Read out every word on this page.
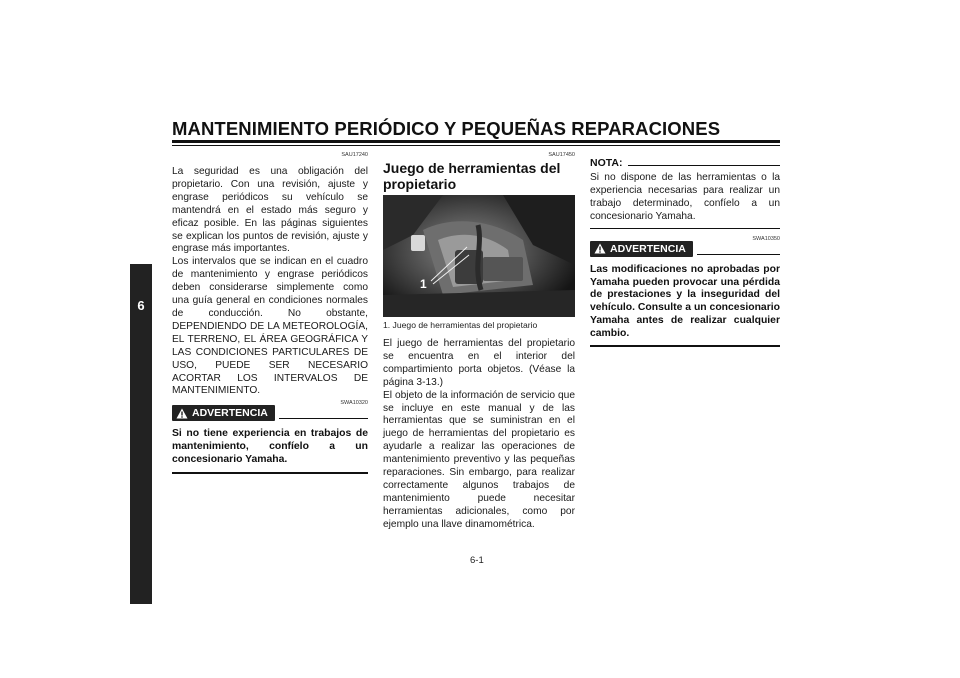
MANTENIMIENTO PERIÓDICO Y PEQUEÑAS REPARACIONES
6
SAU17240

La seguridad es una obligación del propietario. Con una revisión, ajuste y engrase periódicos su vehículo se mantendrá en el estado más seguro y eficaz posible. En las páginas siguientes se explican los puntos de revisión, ajuste y engrase más importantes.

Los intervalos que se indican en el cuadro de mantenimiento y engrase periódicos deben considerarse simplemente como una guía general en condiciones normales de conducción. No obstante, DEPENDIENDO DE LA METEOROLOGÍA, EL TERRENO, EL ÁREA GEOGRÁFICA Y LAS CONDICIONES PARTICULARES DE USO, PUEDE SER NECESARIO ACORTAR LOS INTERVALOS DE MANTENIMIENTO.

SWA10320
ADVERTENCIA
Si no tiene experiencia en trabajos de mantenimiento, confíelo a un concesionario Yamaha.
SAU17450
Juego de herramientas del propietario
1
1. Juego de herramientas del propietario

El juego de herramientas del propietario se encuentra en el interior del compartimiento porta objetos. (Véase la página 3-13.)

El objeto de la información de servicio que se incluye en este manual y de las herramientas que se suministran en el juego de herramientas del propietario es ayudarle a realizar las operaciones de mantenimiento preventivo y las pequeñas reparaciones. Sin embargo, para realizar correctamente algunos trabajos de mantenimiento puede necesitar herramientas adicionales, como por ejemplo una llave dinamométrica.

NOTA:
Si no dispone de las herramientas o la experiencia necesarias para realizar un trabajo determinado, confíelo a un concesionario Yamaha.
SWA10350
ADVERTENCIA
Las modificaciones no aprobadas por Yamaha pueden provocar una pérdida de prestaciones y la inseguridad del vehículo. Consulte a un concesionario Yamaha antes de realizar cualquier cambio.
6-1
